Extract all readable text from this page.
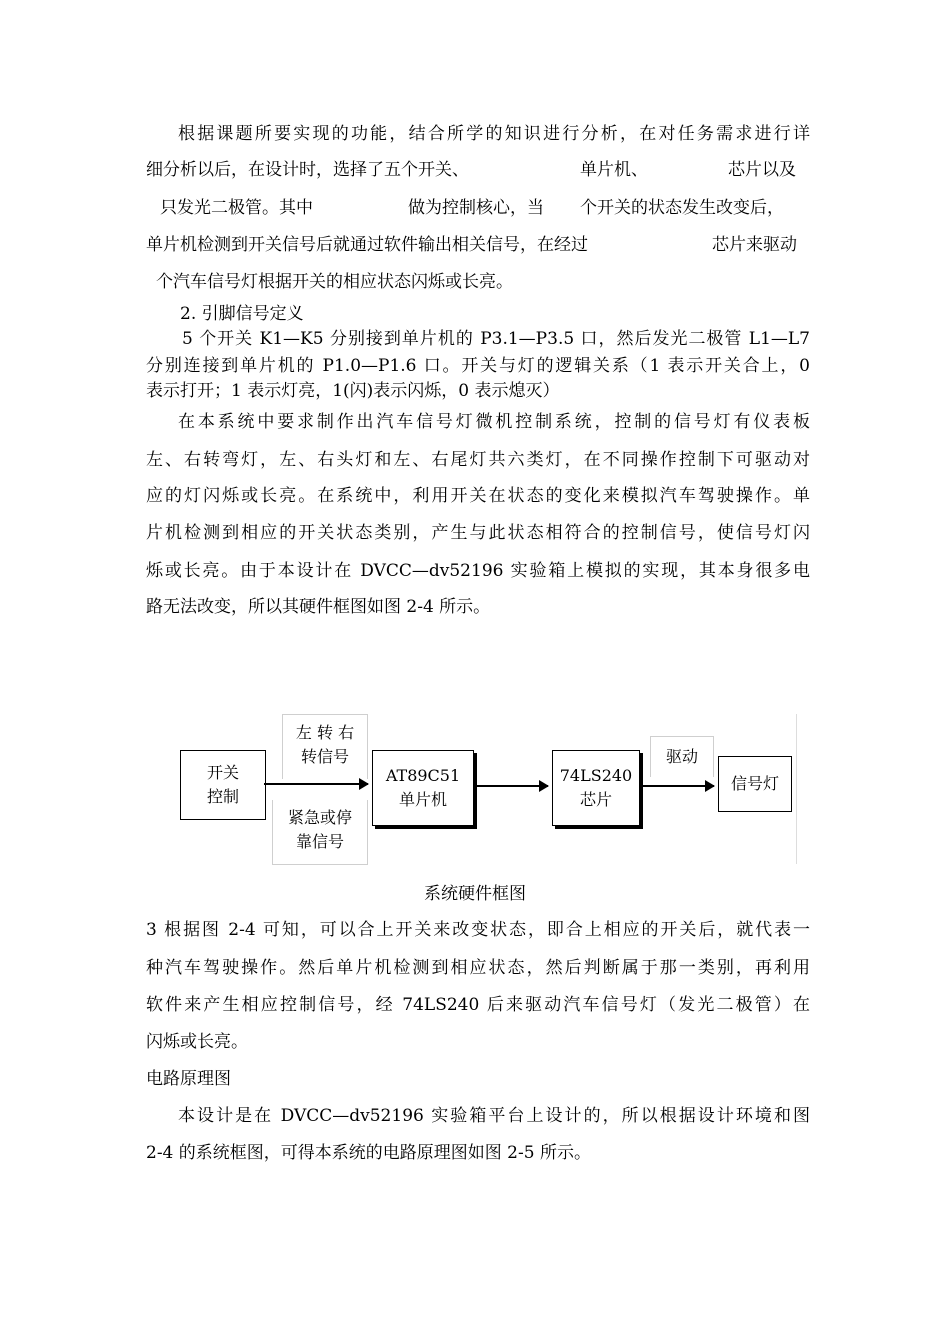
根据课题所要实现的功能，结合所学的知识进行分析，在对任务需求进行详
细分析以后，在设计时，选择了五个开关、	单片机、	芯片以及
只发光二极管。其中	做为控制核心，当 个开关的状态发生改变后，
单片机检测到开关信号后就通过软件输出相关信号，在经过	芯片来驱动
个汽车信号灯根据开关的相应状态闪烁或长亮。
2. 引脚信号定义
5 个开关 K1—K5 分别接到单片机的 P3.1—P3.5 口，然后发光二极管 L1—L7
分别连接到单片机的 P1.0—P1.6 口。开关与灯的逻辑关系（1 表示开关合上，0
表示打开；1 表示灯亮，1(闪)表示闪烁，0 表示熄灭）
在本系统中要求制作出汽车信号灯微机控制系统，控制的信号灯有仪表板
左、右转弯灯，左、右头灯和左、右尾灯共六类灯，在不同操作控制下可驱动对
应的灯闪烁或长亮。在系统中，利用开关在状态的变化来模拟汽车驾驶操作。单
片机检测到相应的开关状态类别，产生与此状态相符合的控制信号，使信号灯闪
烁或长亮。由于本设计在 DVCC—dv52196 实验箱上模拟的实现，其本身很多电
路无法改变，所以其硬件框图如图 2-4 所示。
左 转 右
转信号
紧急或停
靠信号
驱动
开关
控制
AT89C51
单片机
74LS240
芯片
信号灯
系统硬件框图
3 根据图 2-4 可知，可以合上开关来改变状态，即合上相应的开关后，就代表一
种汽车驾驶操作。然后单片机检测到相应状态，然后判断属于那一类别，再利用
软件来产生相应控制信号，经 74LS240 后来驱动汽车信号灯（发光二极管）在
闪烁或长亮。
电路原理图
本设计是在 DVCC—dv52196 实验箱平台上设计的，所以根据设计环境和图
2-4 的系统框图，可得本系统的电路原理图如图 2-5 所示。
